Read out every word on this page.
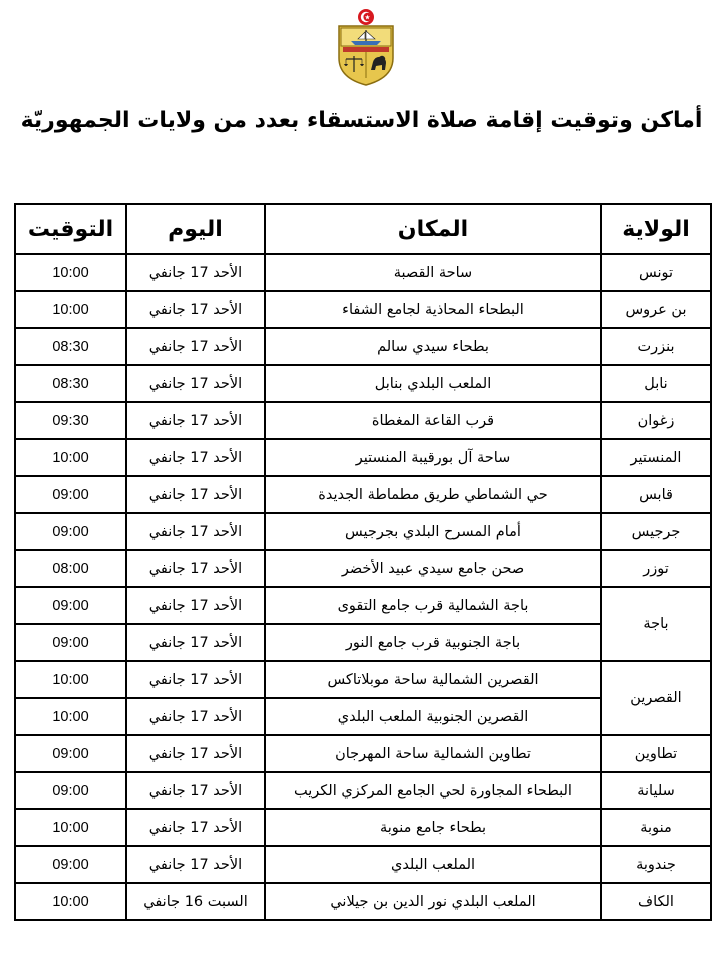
أماكن وتوقيت إقامة صلاة الاستسقاء بعدد من ولايات الجمهوريّة
الولاية	المكان	اليوم	التوقيت
تونس	ساحة القصبة	الأحد 17 جانفي	10:00
بن عروس	البطحاء المحاذية لجامع الشفاء	الأحد 17 جانفي	10:00
بنزرت	بطحاء سيدي سالم	الأحد 17 جانفي	08:30
نابل	الملعب البلدي بنابل	الأحد 17 جانفي	08:30
زغوان	قرب القاعة المغطاة	الأحد 17 جانفي	09:30
المنستير	ساحة آل بورقيبة المنستير	الأحد 17 جانفي	10:00
قابس	حي الشماطي طريق مطماطة الجديدة	الأحد 17 جانفي	09:00
جرجيس	أمام المسرح البلدي بجرجيس	الأحد 17 جانفي	09:00
توزر	صحن جامع سيدي عبيد الأخضر	الأحد 17 جانفي	08:00
باجة	باجة الشمالية قرب جامع التقوى	الأحد 17 جانفي	09:00
	باجة الجنوبية قرب جامع النور	الأحد 17 جانفي	09:00
القصرين	القصرين الشمالية ساحة موبلاتاكس	الأحد 17 جانفي	10:00
	القصرين الجنوبية الملعب البلدي	الأحد 17 جانفي	10:00
تطاوين	تطاوين الشمالية ساحة المهرجان	الأحد 17 جانفي	09:00
سليانة	البطحاء المجاورة لحي الجامع المركزي الكريب	الأحد 17 جانفي	09:00
منوبة	بطحاء جامع منوبة	الأحد 17 جانفي	10:00
جندوبة	الملعب البلدي	الأحد 17 جانفي	09:00
الكاف	الملعب البلدي نور الدين بن جيلاني	السبت 16 جانفي	10:00
